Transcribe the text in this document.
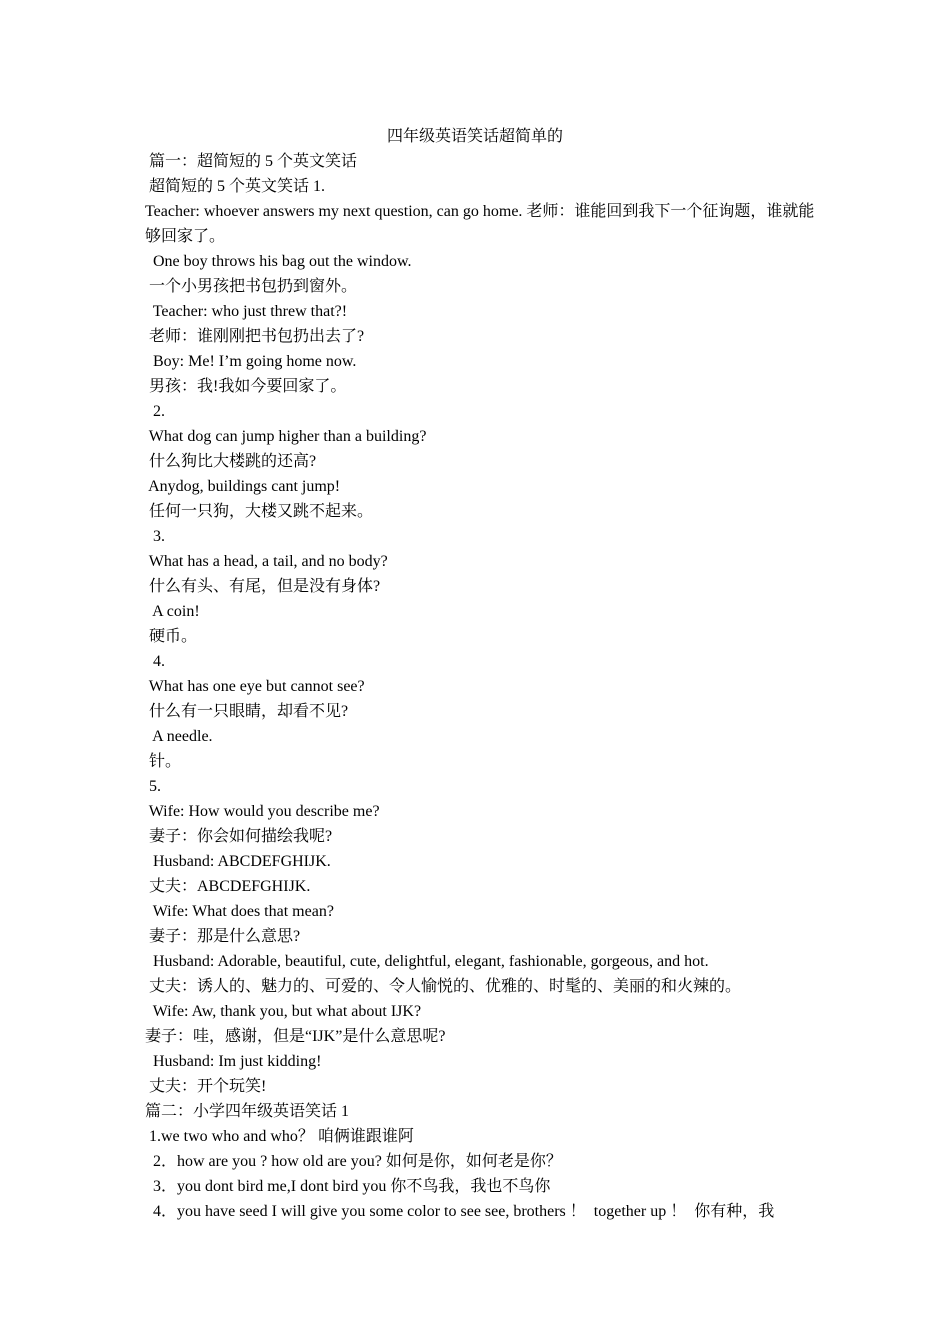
四年级英语笑话超简单的
篇一：超简短的 5 个英文笑话
超简短的 5 个英文笑话 1.
Teacher: whoever answers my next question, can go home. 老师：谁能回到我下一个征询题，谁就能够回家了。
One boy throws his bag out the window.
一个小男孩把书包扔到窗外。
Teacher: who just threw that?!
老师：谁刚刚把书包扔出去了?
Boy: Me! I’m going home now.
男孩：我!我如今要回家了。
2.
What dog can jump higher than a building?
什么狗比大楼跳的还高?
Anydog, buildings cant jump!
任何一只狗，大楼又跳不起来。
3.
What has a head, a tail, and no body?
什么有头、有尾，但是没有身体?
A coin!
硬币。
4.
What has one eye but cannot see?
什么有一只眼睛，却看不见?
A needle.
针。
5.
Wife: How would you describe me?
妻子：你会如何描绘我呢?
Husband: ABCDEFGHIJK.
丈夫：ABCDEFGHIJK.
Wife: What does that mean?
妻子：那是什么意思?
Husband: Adorable, beautiful, cute, delightful, elegant, fashionable, gorgeous, and hot.
丈夫：诱人的、魅力的、可爱的、令人愉悦的、优雅的、时髦的、美丽的和火辣的。
Wife: Aw, thank you, but what about IJK?
妻子：哇，感谢，但是“IJK”是什么意思呢?
Husband: Im just kidding!
丈夫：开个玩笑!
篇二：小学四年级英语笑话 1
1.we two who and who？ 咱俩谁跟谁阿
2．how are you ? how old are you? 如何是你，如何老是你？
3．you dont bird me,I dont bird you 你不鸟我，我也不鸟你
4．you have seed I will give you some color to see see, brothers ！  together up ！  你有种，我
